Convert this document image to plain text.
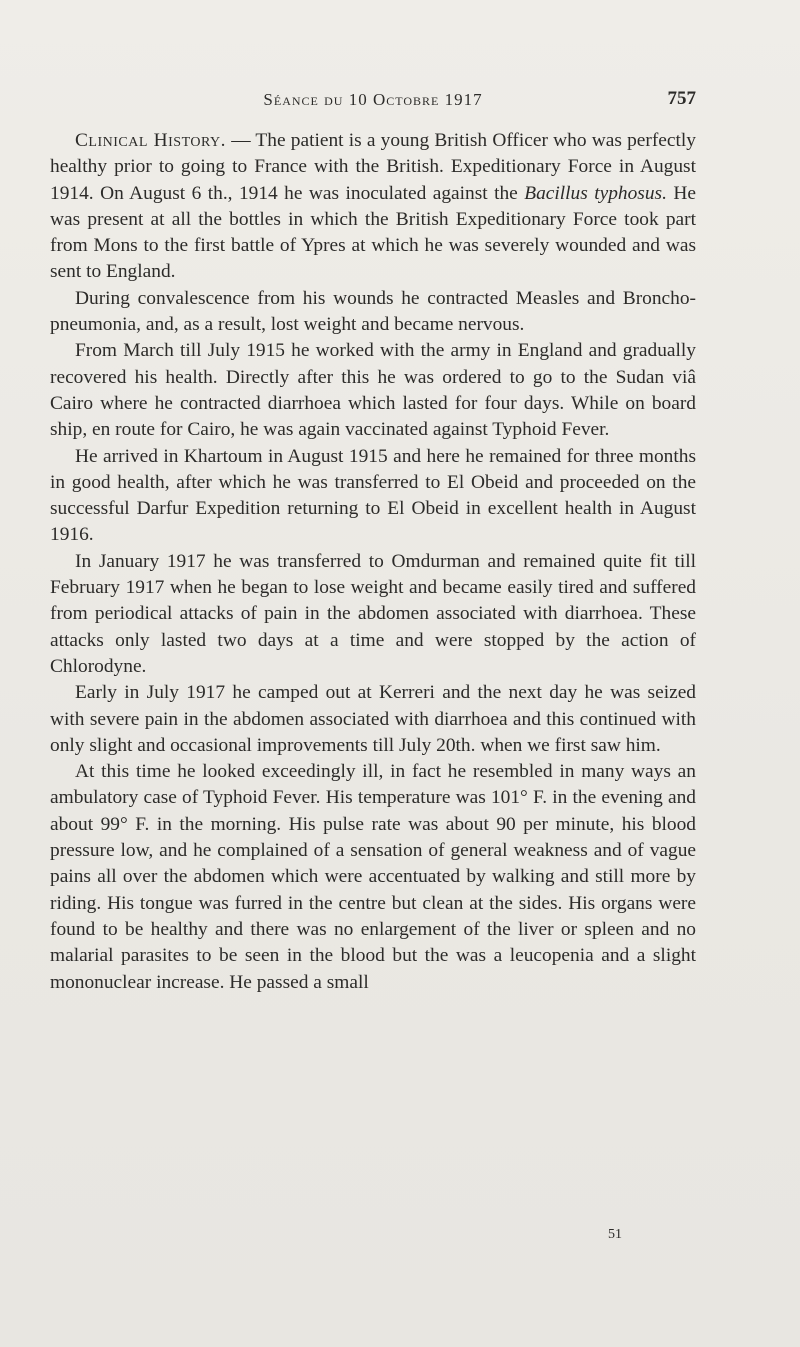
Séance du 10 Octobre 1917	757

Clinical History. — The patient is a young British Officer who was perfectly healthy prior to going to France with the British. Expeditionary Force in August 1914. On August 6 th., 1914 he was inoculated against the Bacillus typhosus. He was present at all the bottles in which the British Expeditionary Force took part from Mons to the first battle of Ypres at which he was severely wounded and was sent to England.

During convalescence from his wounds he contracted Measles and Broncho-pneumonia, and, as a result, lost weight and became nervous.

From March till July 1915 he worked with the army in England and gradually recovered his health. Directly after this he was ordered to go to the Sudan viâ Cairo where he contracted diarrhoea which lasted for four days. While on board ship, en route for Cairo, he was again vaccinated against Typhoid Fever.

He arrived in Khartoum in August 1915 and here he remained for three months in good health, after which he was transferred to El Obeid and proceeded on the successful Darfur Expedition returning to El Obeid in excellent health in August 1916.

In January 1917 he was transferred to Omdurman and remained quite fit till February 1917 when he began to lose weight and became easily tired and suffered from periodical attacks of pain in the abdomen associated with diarrhoea. These attacks only lasted two days at a time and were stopped by the action of Chlorodyne.

Early in July 1917 he camped out at Kerreri and the next day he was seized with severe pain in the abdomen associated with diarrhoea and this continued with only slight and occasional improvements till July 20th. when we first saw him.

At this time he looked exceedingly ill, in fact he resembled in many ways an ambulatory case of Typhoid Fever. His temperature was 101° F. in the evening and about 99° F. in the morning. His pulse rate was about 90 per minute, his blood pressure low, and he complained of a sensation of general weakness and of vague pains all over the abdomen which were accentuated by walking and still more by riding. His tongue was furred in the centre but clean at the sides. His organs were found to be healthy and there was no enlargement of the liver or spleen and no malarial parasites to be seen in the blood but the was a leucopenia and a slight mononuclear increase. He passed a small

51
